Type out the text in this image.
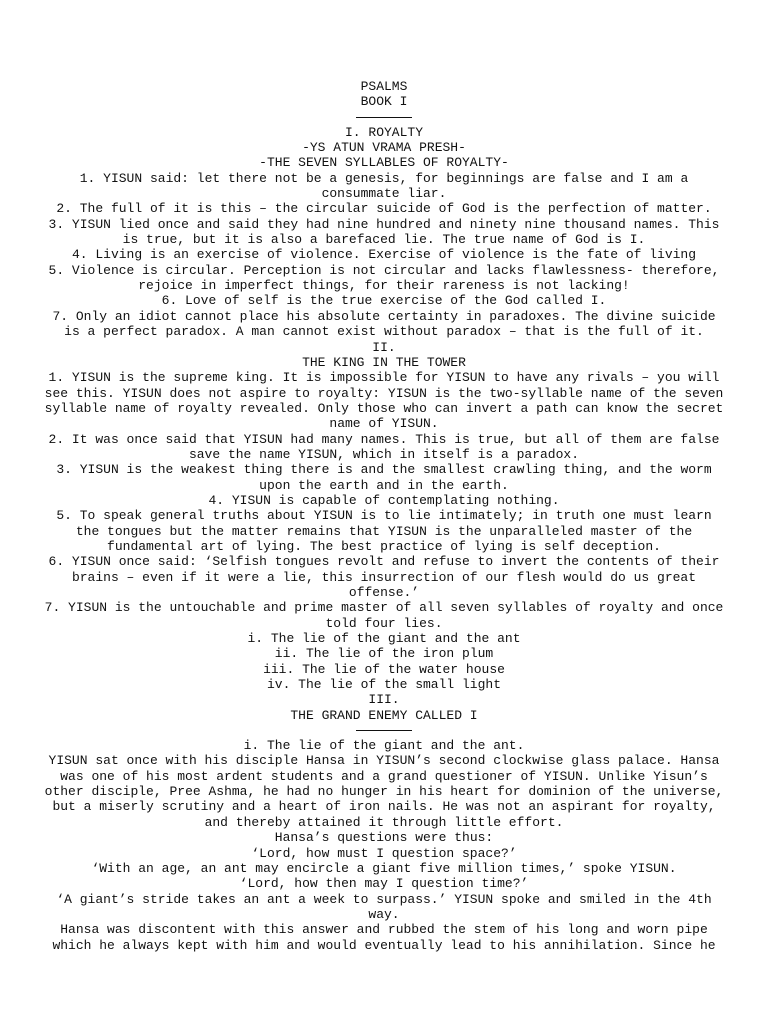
PSALMS

BOOK I

I. ROYALTY

-YS ATUN VRAMA PRESH-

-THE SEVEN SYLLABLES OF ROYALTY-

1. YISUN said: let there not be a genesis, for beginnings are false and I am a consummate liar.

2. The full of it is this – the circular suicide of God is the perfection of matter.

3. YISUN lied once and said they had nine hundred and ninety nine thousand names. This is true, but it is also a barefaced lie. The true name of God is I.

4. Living is an exercise of violence. Exercise of violence is the fate of living

5. Violence is circular. Perception is not circular and lacks flawlessness- therefore, rejoice in imperfect things, for their rareness is not lacking!

6. Love of self is the true exercise of the God called I.

7. Only an idiot cannot place his absolute certainty in paradoxes. The divine suicide is a perfect paradox. A man cannot exist without paradox – that is the full of it.

II.

THE KING IN THE TOWER

1. YISUN is the supreme king. It is impossible for YISUN to have any rivals – you will see this. YISUN does not aspire to royalty: YISUN is the two-syllable name of the seven syllable name of royalty revealed. Only those who can invert a path can know the secret name of YISUN.

2. It was once said that YISUN had many names. This is true, but all of them are false save the name YISUN, which in itself is a paradox.

3. YISUN is the weakest thing there is and the smallest crawling thing, and the worm upon the earth and in the earth.

4. YISUN is capable of contemplating nothing.

5. To speak general truths about YISUN is to lie intimately; in truth one must learn the tongues but the matter remains that YISUN is the unparalleled master of the fundamental art of lying. The best practice of lying is self deception.

6. YISUN once said: ‘Selfish tongues revolt and refuse to invert the contents of their brains – even if it were a lie, this insurrection of our flesh would do us great offense.’

7. YISUN is the untouchable and prime master of all seven syllables of royalty and once told four lies.

i. The lie of the giant and the ant

ii. The lie of the iron plum

iii. The lie of the water house

iv. The lie of the small light

III.

THE GRAND ENEMY CALLED I

i. The lie of the giant and the ant.

YISUN sat once with his disciple Hansa in YISUN’s second clockwise glass palace. Hansa was one of his most ardent students and a grand questioner of YISUN. Unlike Yisun’s other disciple, Pree Ashma, he had no hunger in his heart for dominion of the universe, but a miserly scrutiny and a heart of iron nails. He was not an aspirant for royalty, and thereby attained it through little effort.

Hansa’s questions were thus:

‘Lord, how must I question space?’

‘With an age, an ant may encircle a giant five million times,’ spoke YISUN.

‘Lord, how then may I question time?’

‘A giant’s stride takes an ant a week to surpass.’ YISUN spoke and smiled in the 4th way.

Hansa was discontent with this answer and rubbed the stem of his long and worn pipe which he always kept with him and would eventually lead to his annihilation. Since he
